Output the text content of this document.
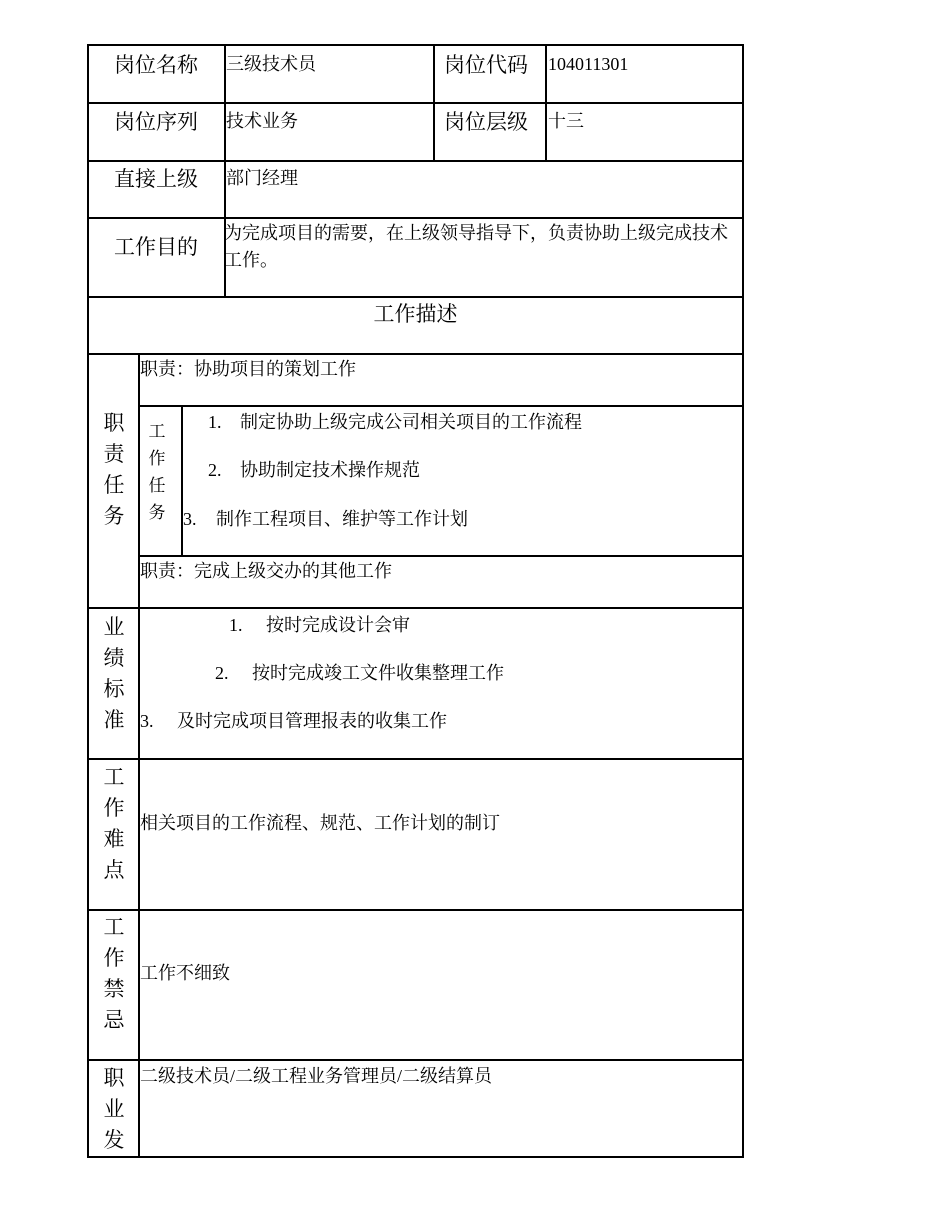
岗位名称 三级技术员	岗位代码 104011301
岗位序列 技术业务	岗位层级 十三
直接上级 部门经理
工作目的
为完成项目的需要，在上级领导指导下，负责协助上级完成技术工作。
工作描述
职
责
任
务
职责：协助项目的策划工作
工
作
任
务
1. 制定协助上级完成公司相关项目的工作流程
2. 协助制定技术操作规范
3. 制作工程项目、维护等工作计划
职责：完成上级交办的其他工作
业
绩
标
准
1. 按时完成设计会审
2. 按时完成竣工文件收集整理工作
3. 及时完成项目管理报表的收集工作
工
作
难
点
相关项目的工作流程、规范、工作计划的制订
工
作
禁
忌
工作不细致
职
业
发
二级技术员/二级工程业务管理员/二级结算员
